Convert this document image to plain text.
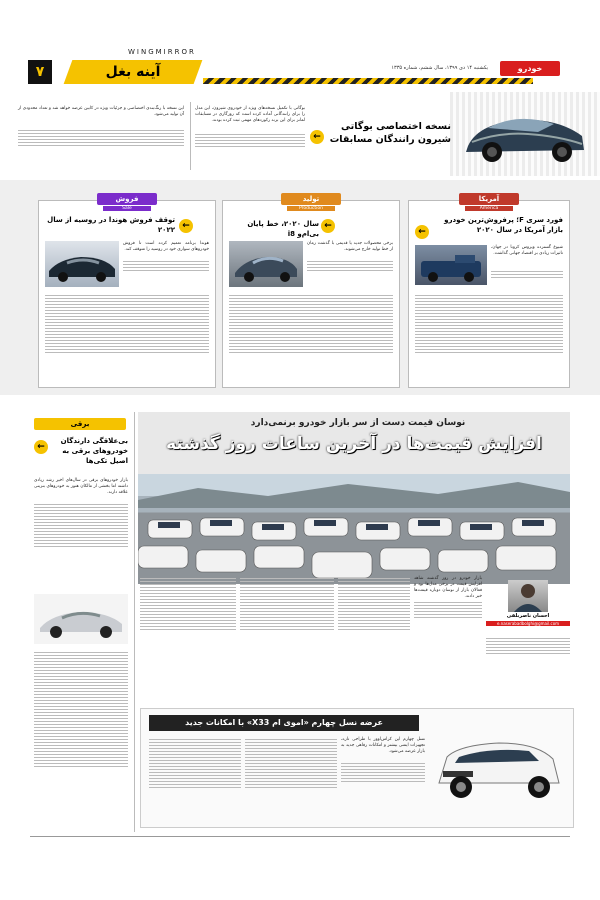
WINGMIRROR
آینه بغل
۷	یکشنبه ۱۴ دی ۱۳۹۹، سال ششم، شماره ۱۳۳۵	خودرو
←
نسخه اختصاصی بوگاتی شیرون رانندگان مسابقات
بوگاتی با تکمیل نسخه‌های ویژه از خودروی شیرون، این مدل را برای رانندگانی آماده کرده است که روزگاری در مسابقات لمانز برای این برند رکوردهای مهمی ثبت کرده بودند.
این نسخه با رنگ‌بندی اختصاصی و جزئیات ویژه در کابین عرضه خواهد شد و تعداد محدودی از آن تولید می‌شود.
آمریکا
America
←
فورد سری F؛ پرفروش‌ترین خودرو بازار آمریکا در سال ۲۰۲۰
شیوع گسترده ویروس کرونا در جهان، تاثیرات زیادی بر اقتصاد جهانی گذاشت.
تولید
Production
←
سال ۲۰۲۰، خط پایان بی‌ام‌و i8
برخی محصولات جدید یا قدیمی با گذشت زمان از خط تولید خارج می‌شوند.
فروش
Sale
←
توقف فروش هوندا در روسیه از سال ۲۰۲۲
هوندا برنامه تعمیم کرده است تا فروش خودروهای سواری خود در روسیه را متوقف کند.
برقی
←
بی‌علاقگی دارندگان خودروهای برقی به اصیل تکی‌ها
بازار خودروهای برقی در سال‌های اخیر رشد زیادی داشته اما بخشی از مالکان هنوز به خودروهای بنزینی علاقه دارند.
نوسان قیمت دست از سر بازار خودرو برنمی‌دارد
افزایش قیمت‌ها در آخرین ساعات روز گذشته
احسان ناصربلقی
e.naserabadbolghi@gmail.com
بازار خودرو در روز گذشته شاهد افزایش قیمت در برخی مدل‌ها بود و فعالان بازار از نوسان دوباره قیمت‌ها خبر دادند.
عرضه نسل چهارم «اموی ام X33» با امکانات جدید
نسل چهارم این کراس‌اوور با طراحی تازه، تجهیزات ایمنی بیشتر و امکانات رفاهی جدید به بازار عرضه می‌شود.
